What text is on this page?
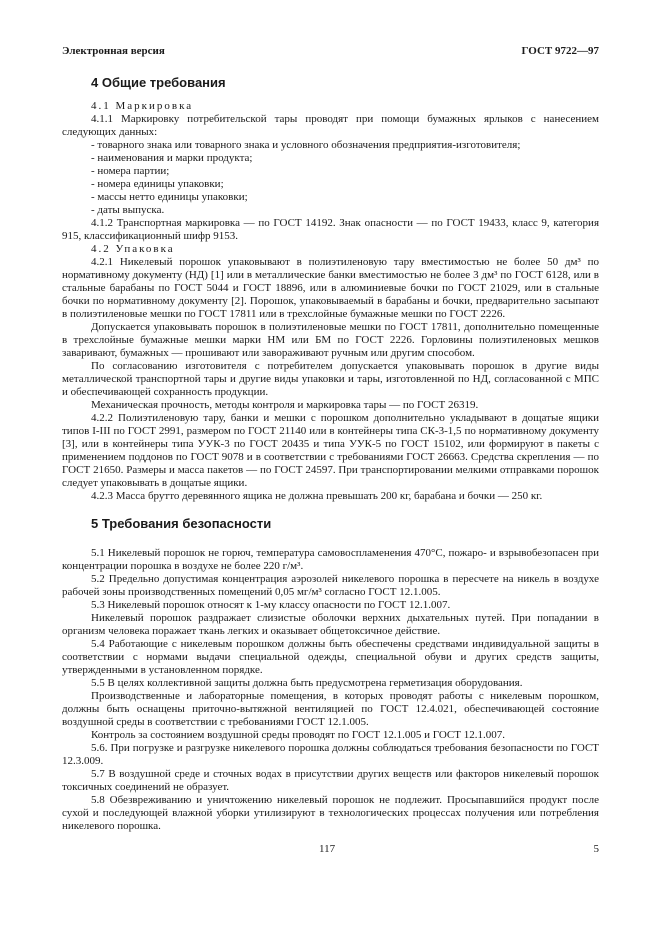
Электронная версия	ГОСТ 9722—97
4 Общие требования

4.1 Маркировка

4.1.1 Маркировку потребительской тары проводят при помощи бумажных ярлыков с нанесением следующих данных:

- товарного знака или товарного знака и условного обозначения предприятия-изготовителя;

- наименования и марки продукта;

- номера партии;

- номера единицы упаковки;

- массы нетто единицы упаковки;

- даты выпуска.

4.1.2 Транспортная маркировка — по ГОСТ 14192. Знак опасности — по ГОСТ 19433, класс 9, категория 915, классификационный шифр 9153.

4.2 Упаковка

4.2.1 Никелевый порошок упаковывают в полиэтиленовую тару вместимостью не более 50 дм³ по нормативному документу (НД) [1] или в металлические банки вместимостью не более 3 дм³ по ГОСТ 6128, или в стальные барабаны по ГОСТ 5044 и ГОСТ 18896, или в алюминиевые бочки по ГОСТ 21029, или в стальные бочки по нормативному документу [2]. Порошок, упаковываемый в барабаны и бочки, предварительно засыпают в полиэтиленовые мешки по ГОСТ 17811 или в трехслойные бумажные мешки по ГОСТ 2226.

Допускается упаковывать порошок в полиэтиленовые мешки по ГОСТ 17811, дополнительно помещенные в трехслойные бумажные мешки марки НМ или БМ по ГОСТ 2226. Горловины полиэтиленовых мешков заваривают, бумажных — прошивают или завораживают ручным или другим способом.

По согласованию изготовителя с потребителем допускается упаковывать порошок в другие виды металлической транспортной тары и другие виды упаковки и тары, изготовленной по НД, согласованной с МПС и обеспечивающей сохранность продукции.

Механическая прочность, методы контроля и маркировка тары — по ГОСТ 26319.

4.2.2 Полиэтиленовую тару, банки и мешки с порошком дополнительно укладывают в дощатые ящики типов I-III по ГОСТ 2991, размером по ГОСТ 21140 или в контейнеры типа СК-3-1,5 по нормативному документу [3], или в контейнеры типа УУК-3 по ГОСТ 20435 и типа УУК-5 по ГОСТ 15102, или формируют в пакеты с применением поддонов по ГОСТ 9078 и в соответствии с требованиями ГОСТ 26663. Средства скрепления — по ГОСТ 21650. Размеры и масса пакетов — по ГОСТ 24597. При транспортировании мелкими отправками порошок следует упаковывать в дощатые ящики.

4.2.3 Масса брутто деревянного ящика не должна превышать 200 кг, барабана и бочки — 250 кг.

5 Требования безопасности

5.1 Никелевый порошок не горюч, температура самовоспламенения 470°С, пожаро- и взрывобезопасен при концентрации порошка в воздухе не более 220 г/м³.

5.2 Предельно допустимая концентрация аэрозолей никелевого порошка в пересчете на никель в воздухе рабочей зоны производственных помещений 0,05 мг/м³ согласно ГОСТ 12.1.005.

5.3 Никелевый порошок относят к 1-му классу опасности по ГОСТ 12.1.007.

Никелевый порошок раздражает слизистые оболочки верхних дыхательных путей. При попадании в организм человека поражает ткань легких и оказывает общетоксичное действие.

5.4 Работающие с никелевым порошком должны быть обеспечены средствами индивидуальной защиты в соответствии с нормами выдачи специальной одежды, специальной обуви и других средств защиты, утвержденными в установленном порядке.

5.5 В целях коллективной защиты должна быть предусмотрена герметизация оборудования.

Производственные и лабораторные помещения, в которых проводят работы с никелевым порошком, должны быть оснащены приточно-вытяжной вентиляцией по ГОСТ 12.4.021, обеспечивающей состояние воздушной среды в соответствии с требованиями ГОСТ 12.1.005.

Контроль за состоянием воздушной среды проводят по ГОСТ 12.1.005 и ГОСТ 12.1.007.

5.6. При погрузке и разгрузке никелевого порошка должны соблюдаться требования безопасности по ГОСТ 12.3.009.

5.7 В воздушной среде и сточных водах в присутствии других веществ или факторов никелевый порошок токсичных соединений не образует.

5.8 Обезвреживанию и уничтожению никелевый порошок не подлежит. Просыпавшийся продукт после сухой и последующей влажной уборки утилизируют в технологических процессах получения или потребления никелевого порошка.

117	5
